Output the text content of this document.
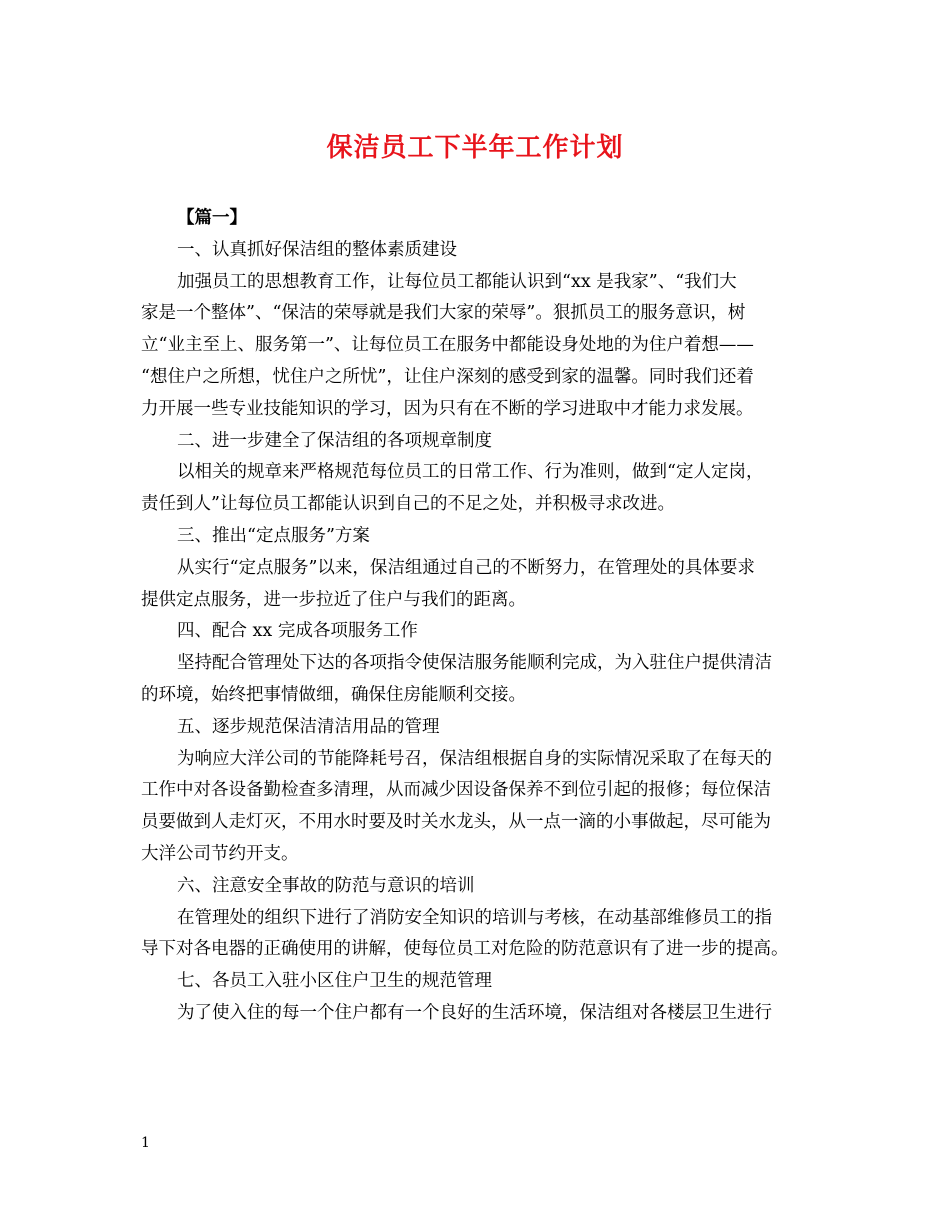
保洁员工下半年工作计划
【篇一】
一、认真抓好保洁组的整体素质建设
加强员工的思想教育工作，让每位员工都能认识到“xx 是我家”、“我们大
家是一个整体”、“保洁的荣辱就是我们大家的荣辱”。狠抓员工的服务意识，树
立“业主至上、服务第一”、让每位员工在服务中都能设身处地的为住户着想——
“想住户之所想，忧住户之所忧”，让住户深刻的感受到家的温馨。同时我们还着
力开展一些专业技能知识的学习，因为只有在不断的学习进取中才能力求发展。
二、进一步建全了保洁组的各项规章制度
以相关的规章来严格规范每位员工的日常工作、行为准则，做到“定人定岗，
责任到人”让每位员工都能认识到自己的不足之处，并积极寻求改进。
三、推出“定点服务”方案
从实行“定点服务”以来，保洁组通过自己的不断努力，在管理处的具体要求
提供定点服务，进一步拉近了住户与我们的距离。
四、配合 xx 完成各项服务工作
坚持配合管理处下达的各项指令使保洁服务能顺利完成，为入驻住户提供清洁
的环境，始终把事情做细，确保住房能顺利交接。
五、逐步规范保洁清洁用品的管理
为响应大洋公司的节能降耗号召，保洁组根据自身的实际情况采取了在每天的
工作中对各设备勤检查多清理，从而减少因设备保养不到位引起的报修；每位保洁
员要做到人走灯灭，不用水时要及时关水龙头，从一点一滴的小事做起，尽可能为
大洋公司节约开支。
六、注意安全事故的防范与意识的培训
在管理处的组织下进行了消防安全知识的培训与考核，在动基部维修员工的指
导下对各电器的正确使用的讲解，使每位员工对危险的防范意识有了进一步的提高。
七、各员工入驻小区住户卫生的规范管理
为了使入住的每一个住户都有一个良好的生活环境，保洁组对各楼层卫生进行
1
